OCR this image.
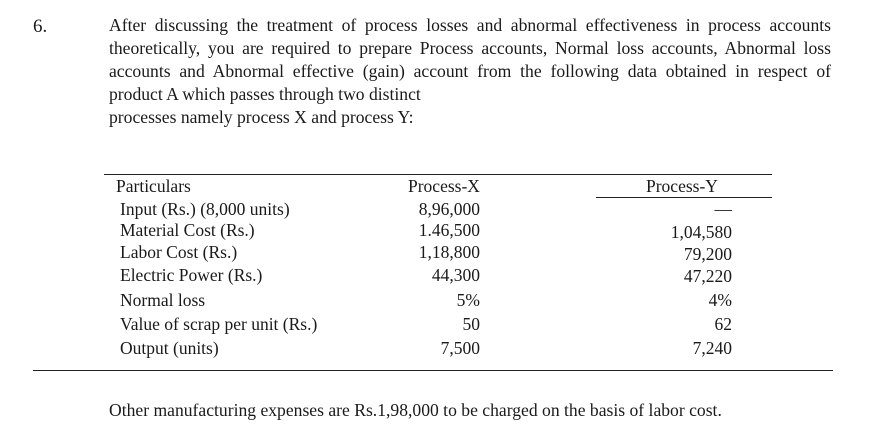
6.	After discussing the treatment of process losses and abnormal effectiveness in process accounts theoretically, you are required to prepare Process accounts, Normal loss accounts, Abnormal loss accounts and Abnormal effective (gain) account from the following data obtained in respect of product A which passes through two distinct
processes namely process X and process Y:
Particulars	Process-X	Process-Y
Input (Rs.) (8,000 units)	8,96,000	—
Material Cost (Rs.)	1.46,500	1,04,580
Labor Cost (Rs.)	1,18,800	79,200
Electric Power (Rs.)	44,300	47,220
Normal loss	5%	4%
Value of scrap per unit (Rs.)	50	62
Output (units)	7,500	7,240
Other manufacturing expenses are Rs.1,98,000 to be charged on the basis of labor cost.
